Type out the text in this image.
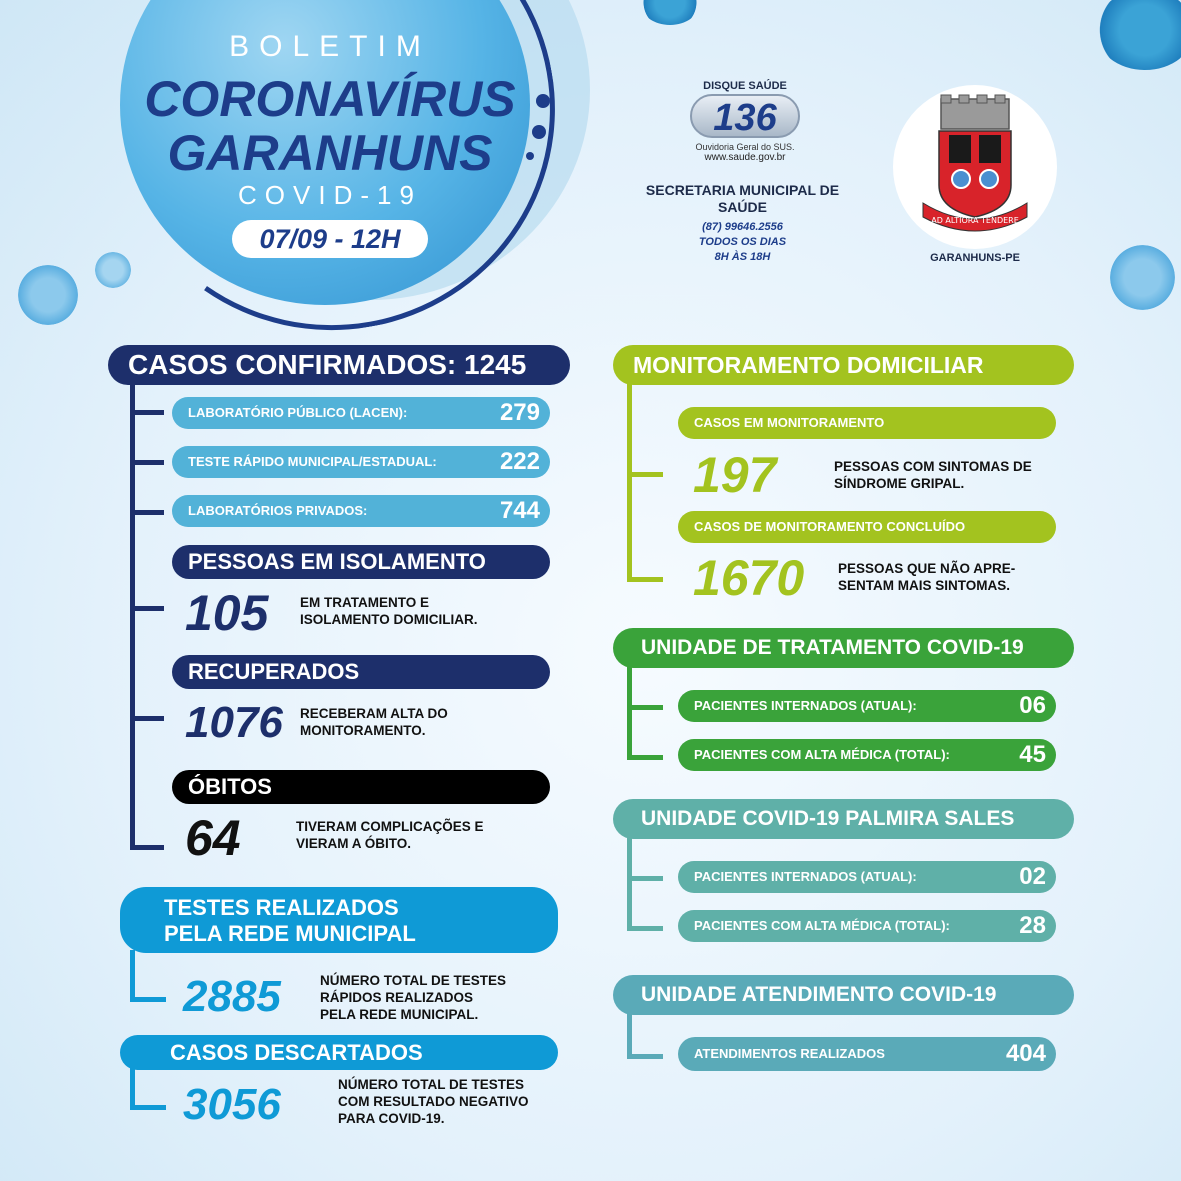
BOLETIM
CORONAVÍRUS
GARANHUNS
COVID-19
07/09 - 12H
DISQUE SAÚDE
136
Ouvidoria Geral do SUS.
www.saude.gov.br
SECRETARIA MUNICIPAL DE SAÚDE
(87) 99646.2556
TODOS OS DIAS
8H ÀS 18H
AD ALTIORA TENDERE
GARANHUNS-PE
CASOS CONFIRMADOS: 1245
LABORATÓRIO PÚBLICO (LACEN):	279
TESTE RÁPIDO MUNICIPAL/ESTADUAL:	222
LABORATÓRIOS PRIVADOS:	744
PESSOAS EM ISOLAMENTO
105 EM TRATAMENTO E
ISOLAMENTO DOMICILIAR.
RECUPERADOS
1076 RECEBERAM ALTA DO
MONITORAMENTO.
ÓBITOS
64	TIVERAM COMPLICAÇÕES E
VIERAM A ÓBITO.
TESTES REALIZADOS
PELA REDE MUNICIPAL
2885	NÚMERO TOTAL DE TESTES
RÁPIDOS REALIZADOS
PELA REDE MUNICIPAL.
CASOS DESCARTADOS
3056	NÚMERO TOTAL DE TESTES
COM RESULTADO NEGATIVO
PARA COVID-19.
MONITORAMENTO DOMICILIAR
CASOS EM MONITORAMENTO
197	PESSOAS COM SINTOMAS DE
SÍNDROME GRIPAL.
CASOS DE MONITORAMENTO CONCLUÍDO
1670	PESSOAS QUE NÃO APRE-
SENTAM MAIS SINTOMAS.
UNIDADE DE TRATAMENTO COVID-19
PACIENTES INTERNADOS (ATUAL):	06
PACIENTES COM ALTA MÉDICA (TOTAL):	45
UNIDADE COVID-19 PALMIRA SALES
PACIENTES INTERNADOS (ATUAL):	02
PACIENTES COM ALTA MÉDICA (TOTAL):	28
UNIDADE ATENDIMENTO COVID-19
ATENDIMENTOS REALIZADOS	404
